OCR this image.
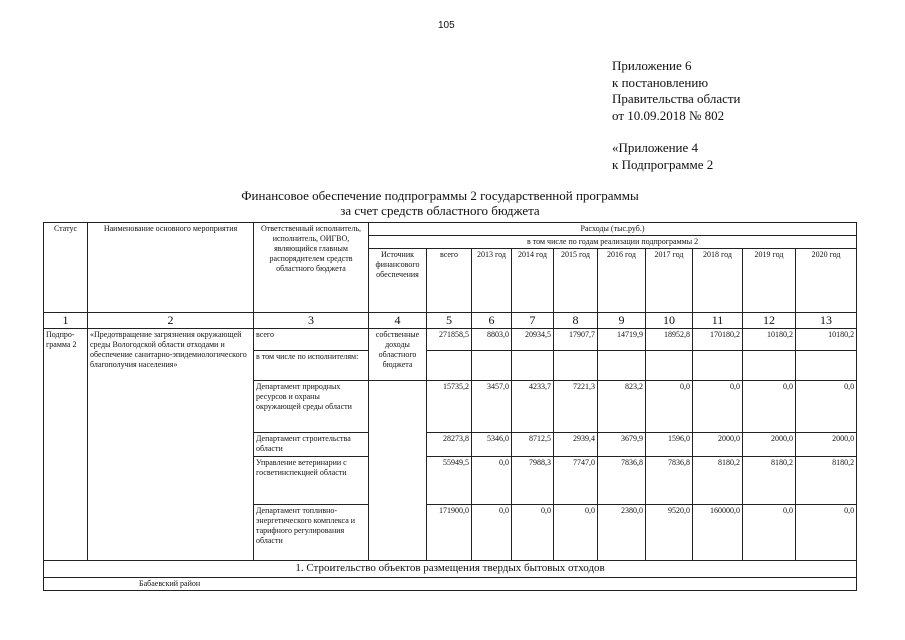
105
Приложение 6
к постановлению
Правительства области
от 10.09.2018 № 802
«Приложение 4
к Подпрограмме 2
Финансовое обеспечение подпрограммы 2 государственной программы
за счет средств областного бюджета
Статус	Наименование основного мероприятия	Ответственный исполнитель, исполнитель, ОИГВО, являющийся главным распорядителем средств областного бюджета	Расходы (тыс.руб.)									
			в том числе по годам реализации подпрограммы 2									
			Источник финансового обеспечения	всего	2013 год	2014 год	2015 год	2016 год	2017 год	2018 год	2019 год	2020 год
1	2	3	4	5	6	7	8	9	10	11	12	13
Подпро-грамма 2	«Предотвращение загрязнения окружающей среды Вологодской области отходами и обеспечение санитарно-эпидемиологического благополучия населения»	всего	собственные доходы областного бюджета	271858,5	8803,0	20934,5	17907,7	14719,9	18952,8	170180,2	10180,2	10180,2
		в том числе по исполнителям:										
		Департамент природных ресурсов и охраны окружающей среды области		15735,2	3457,0	4233,7	7221,3	823,2	0,0	0,0	0,0	0,0
		Департамент строительства области		28273,8	5346,0	8712,5	2939,4	3679,9	1596,0	2000,0	2000,0	2000,0
		Управление ветеринарии с госветинспекцией области		55949,5	0,0	7988,3	7747,0	7836,8	7836,8	8180,2	8180,2	8180,2
		Департамент топливно-энергетического комплекса и тарифного регулирования области		171900,0	0,0	0,0	0,0	2380,0	9520,0	160000,0	0,0	0,0
1. Строительство объектов размещения твердых бытовых отходов												
Бабаевский район												
